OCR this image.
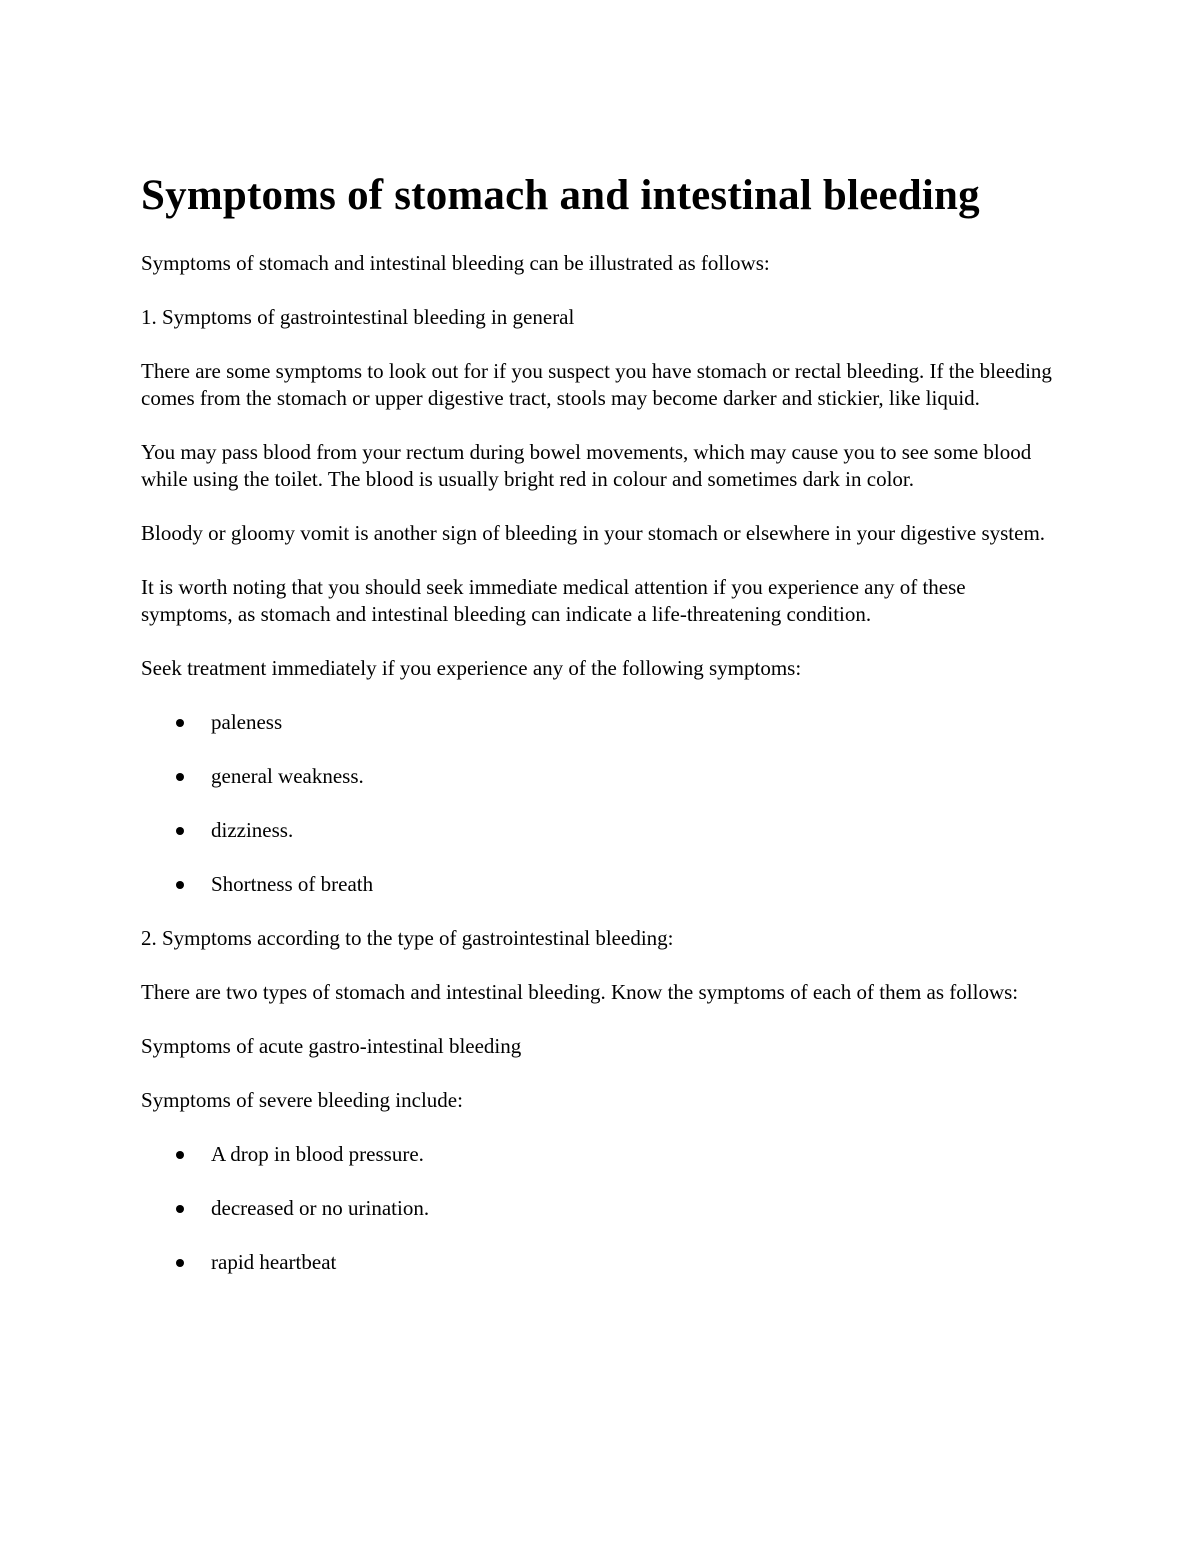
Symptoms of stomach and intestinal bleeding

Symptoms of stomach and intestinal bleeding can be illustrated as follows:

1. Symptoms of gastrointestinal bleeding in general

There are some symptoms to look out for if you suspect you have stomach or rectal bleeding. If the bleeding comes from the stomach or upper digestive tract, stools may become darker and stickier, like liquid.

You may pass blood from your rectum during bowel movements, which may cause you to see some blood while using the toilet. The blood is usually bright red in colour and sometimes dark in color.

Bloody or gloomy vomit is another sign of bleeding in your stomach or elsewhere in your digestive system.

It is worth noting that you should seek immediate medical attention if you experience any of these symptoms, as stomach and intestinal bleeding can indicate a life-threatening condition.

Seek treatment immediately if you experience any of the following symptoms:

paleness
general weakness.
dizziness.
Shortness of breath

2. Symptoms according to the type of gastrointestinal bleeding:

There are two types of stomach and intestinal bleeding. Know the symptoms of each of them as follows:

Symptoms of acute gastro-intestinal bleeding

Symptoms of severe bleeding include:

A drop in blood pressure.
decreased or no urination.
rapid heartbeat
